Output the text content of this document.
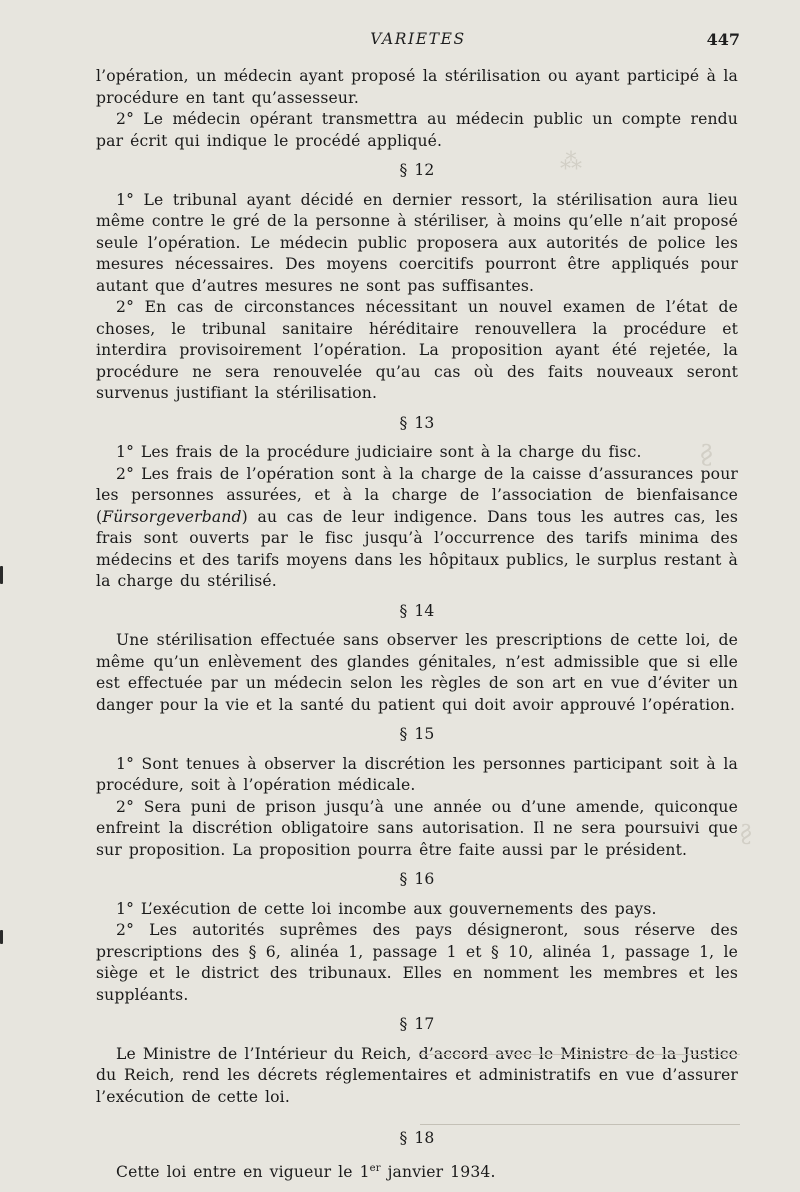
⁂
§
§
VARIETES	447

l’opération, un médecin ayant proposé la stérilisation ou ayant participé à la procédure en tant qu’assesseur.

2° Le médecin opérant transmettra au médecin public un compte rendu par écrit qui indique le procédé appliqué.

§ 12

1° Le tribunal ayant décidé en dernier ressort, la stérilisation aura lieu même contre le gré de la personne à stériliser, à moins qu’elle n’ait proposé seule l’opération. Le médecin public proposera aux autorités de police les mesures nécessaires. Des moyens coercitifs pourront être appliqués pour autant que d’autres mesures ne sont pas suffisantes.

2° En cas de circonstances nécessitant un nouvel examen de l’état de choses, le tribunal sanitaire héréditaire renouvellera la procédure et interdira provisoirement l’opération. La proposition ayant été rejetée, la procédure ne sera renouvelée qu’au cas où des faits nouveaux seront survenus justifiant la stérilisation.

§ 13

1° Les frais de la procédure judiciaire sont à la charge du fisc.

2° Les frais de l’opération sont à la charge de la caisse d’assurances pour les personnes assurées, et à la charge de l’association de bienfaisance (Fürsorgeverband) au cas de leur indigence. Dans tous les autres cas, les frais sont ouverts par le fisc jusqu’à l’occurrence des tarifs minima des médecins et des tarifs moyens dans les hôpitaux publics, le surplus restant à la charge du stérilisé.

§ 14

Une stérilisation effectuée sans observer les prescriptions de cette loi, de même qu’un enlèvement des glandes génitales, n’est admissible que si elle est effectuée par un médecin selon les règles de son art en vue d’éviter un danger pour la vie et la santé du patient qui doit avoir approuvé l’opération.

§ 15

1° Sont tenues à observer la discrétion les personnes participant soit à la procédure, soit à l’opération médicale.

2° Sera puni de prison jusqu’à une année ou d’une amende, quiconque enfreint la discrétion obligatoire sans autorisation. Il ne sera poursuivi que sur proposition. La proposition pourra être faite aussi par le président.

§ 16

1° L’exécution de cette loi incombe aux gouvernements des pays.

2° Les autorités suprêmes des pays désigneront, sous réserve des prescriptions des § 6, alinéa 1, passage 1 et § 10, alinéa 1, passage 1, le siège et le district des tribunaux. Elles en nomment les membres et les suppléants.

§ 17

Le Ministre de l’Intérieur du Reich, d’accord avec le Ministre de la Justice du Reich, rend les décrets réglementaires et administratifs en vue d’assurer l’exécution de cette loi.

§ 18

Cette loi entre en vigueur le 1er janvier 1934.
